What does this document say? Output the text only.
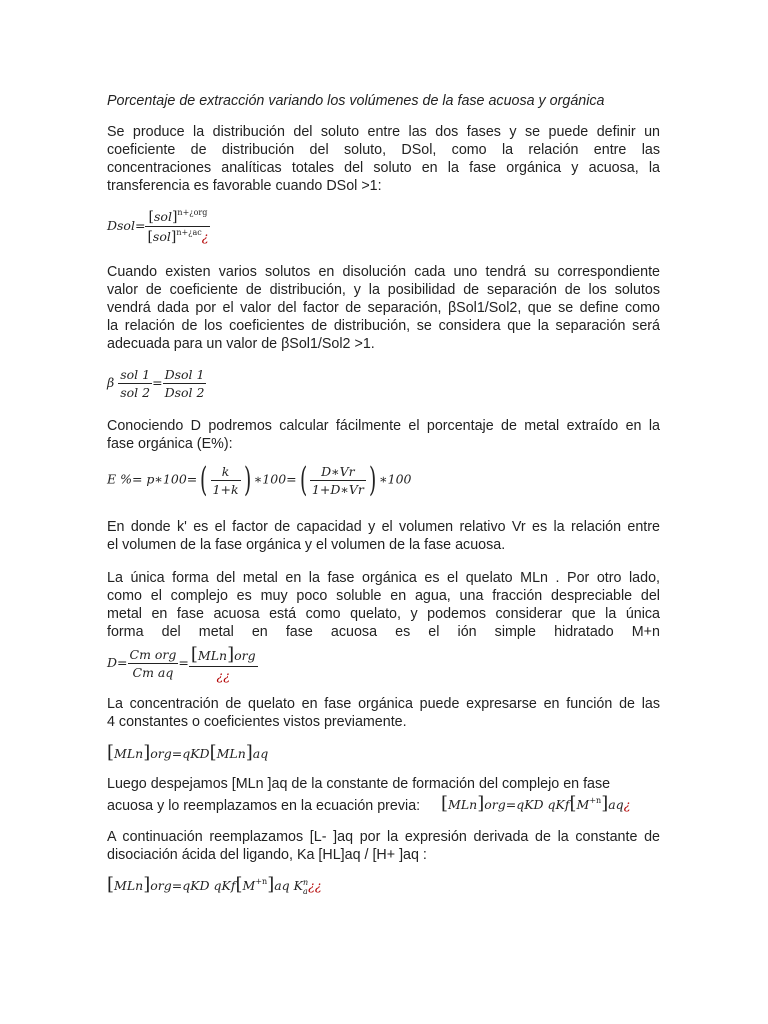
Porcentaje de extracción variando los volúmenes de la fase acuosa y orgánica
Se produce la distribución del soluto entre las dos fases y se puede definir un
coeficiente de distribución del soluto, DSol, como la relación entre las
concentraciones analíticas totales del soluto en la fase orgánica y acuosa, la
transferencia es favorable cuando DSol >1:
Dsol= $\frac{[sol]^{n+¿org}}{[sol]^{n+¿ac}¿}$
Cuando existen varios solutos en disolución cada uno tendrá su correspondiente
valor de coeficiente de distribución, y la posibilidad de separación de los solutos
vendrá dada por el valor del factor de separación, βSol1/Sol2, que se define como
la relación de los coeficientes de distribución, se considera que la separación será
adecuada para un valor de βSol1/Sol2 >1.
β $\frac{\text{sol 1}}{\text{sol 2}} = \frac{\text{Dsol 1}}{\text{Dsol 2}}$
Conociendo D podremos calcular fácilmente el porcentaje de metal extraído en la
fase orgánica (E%):
E %= p∗100=( $\frac{k}{1+k}$ ) ∗100=( $\frac{D∗Vr}{1+D∗Vr}$ ) ∗100
En donde k' es el factor de capacidad y el volumen relativo Vr es la relación entre
el volumen de la fase orgánica y el volumen de la fase acuosa.
La única forma del metal en la fase orgánica es el quelato MLn . Por otro lado,
como el complejo es muy poco soluble en agua, una fracción despreciable del
metal en fase acuosa está como quelato, y podemos considerar que la única
forma del metal en fase acuosa es el ión simple hidratado M+n
$D= \frac{\text{Cm org}}{\text{Cm aq}} = \frac{\text{[MLn]org}}{¿¿}$
La concentración de quelato en fase orgánica puede expresarse en función de las
4 constantes o coeficientes vistos previamente.
[MLn]org=qKD[MLn]aq
Luego despejamos [MLn ]aq de la constante de formación del complejo en fase
acuosa y lo reemplazamos en la ecuación previa: [MLn]org=qKD $qKf[M^{+n}]aq¿$
A continuación reemplazamos [L- ]aq por la expresión derivada de la constante de
disociación ácida del ligando, Ka [HL]aq / [H+ ]aq :
[MLn]org=qKD $qKf[M^{+n}]aq$ K n
a ¿¿
